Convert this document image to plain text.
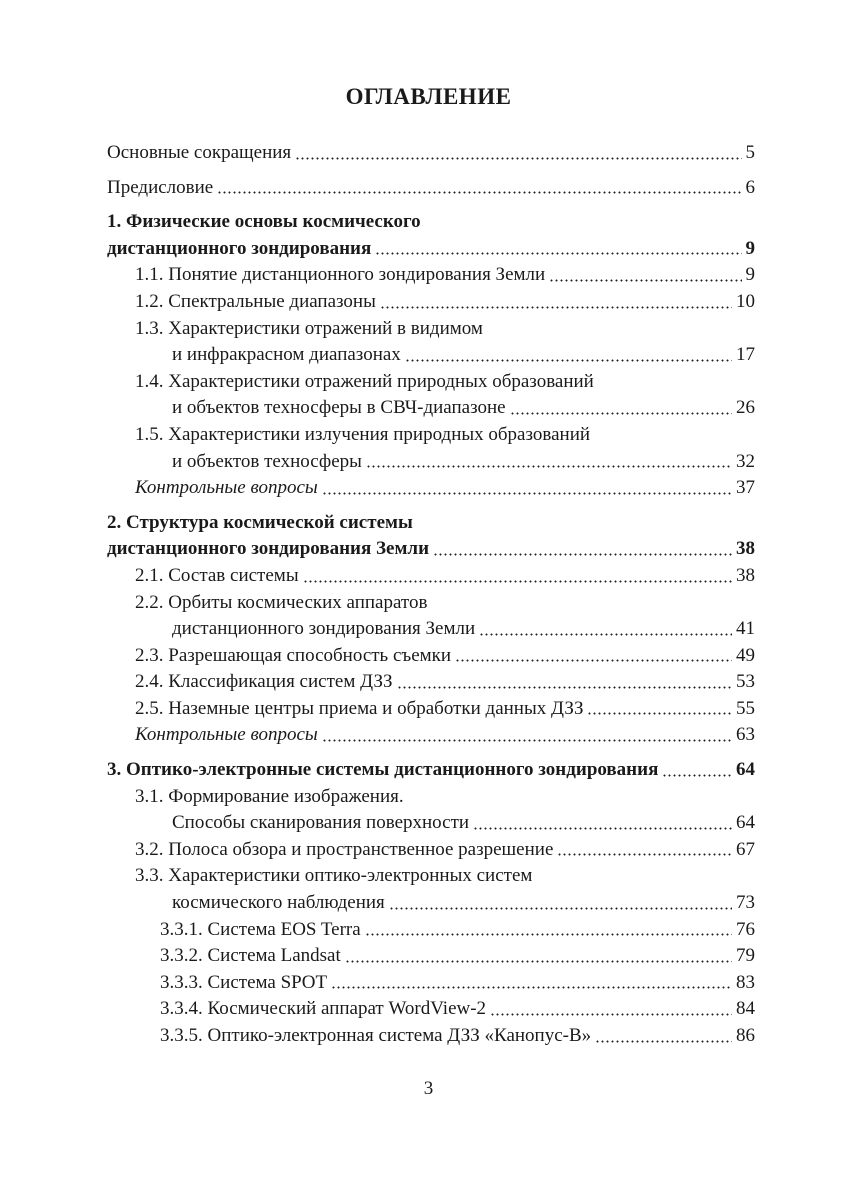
ОГЛАВЛЕНИЕ
Основные сокращения	5
Предисловие	6
1. Физические основы космического
дистанционного зондирования	9
1.1. Понятие дистанционного зондирования Земли	9
1.2. Спектральные диапазоны	10
1.3. Характеристики отражений в видимом
и инфракрасном диапазонах	17
1.4. Характеристики отражений природных образований
и объектов техносферы в СВЧ-диапазоне	26
1.5. Характеристики излучения природных образований
и объектов техносферы	32
Контрольные вопросы	37
2. Структура космической системы
дистанционного зондирования Земли	38
2.1. Состав системы	38
2.2. Орбиты космических аппаратов
дистанционного зондирования Земли	41
2.3. Разрешающая способность съемки	49
2.4. Классификация систем ДЗЗ	53
2.5. Наземные центры приема и обработки данных ДЗЗ	55
Контрольные вопросы	63
3. Оптико-электронные системы дистанционного зондирования	64
3.1. Формирование изображения.
Способы сканирования поверхности	64
3.2. Полоса обзора и пространственное разрешение	67
3.3. Характеристики оптико-электронных систем
космического наблюдения	73
3.3.1. Система EOS Terra	76
3.3.2. Система Landsat	79
3.3.3. Система SPOT	83
3.3.4. Космический аппарат WordView-2	84
3.3.5. Оптико-электронная система ДЗЗ «Канопус-В»	86
3
